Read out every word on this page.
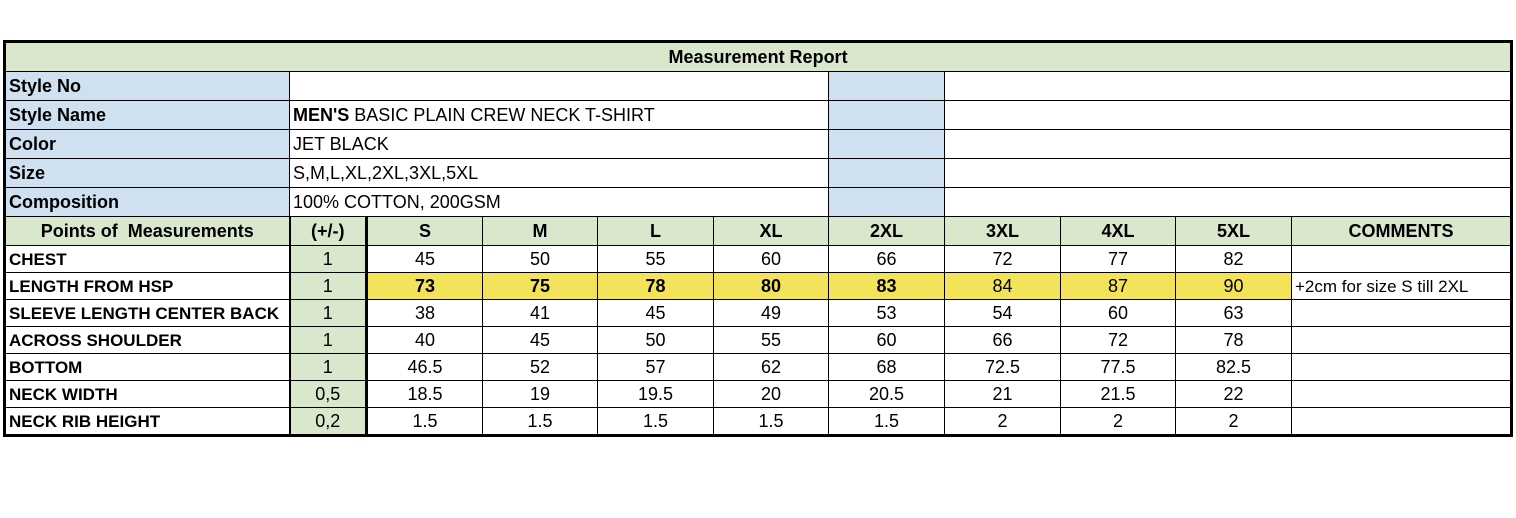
Measurement Report										
Style No										
Style Name	MEN'S BASIC PLAIN CREW NECK T-SHIRT									
Color	JET BLACK									
Size	S,M,L,XL,2XL,3XL,5XL									
Composition	100% COTTON, 200GSM									
Points of  Measurements	(+/-)	S	M	L	XL	2XL	3XL	4XL	5XL	COMMENTS
CHEST	1	45	50	55	60	66	72	77	82	
LENGTH FROM HSP	1	73	75	78	80	83	84	87	90	+2cm for size S till 2XL
SLEEVE LENGTH CENTER BACK	1	38	41	45	49	53	54	60	63	
ACROSS SHOULDER	1	40	45	50	55	60	66	72	78	
BOTTOM	1	46.5	52	57	62	68	72.5	77.5	82.5	
NECK WIDTH	0,5	18.5	19	19.5	20	20.5	21	21.5	22	
NECK RIB HEIGHT	0,2	1.5	1.5	1.5	1.5	1.5	2	2	2	
